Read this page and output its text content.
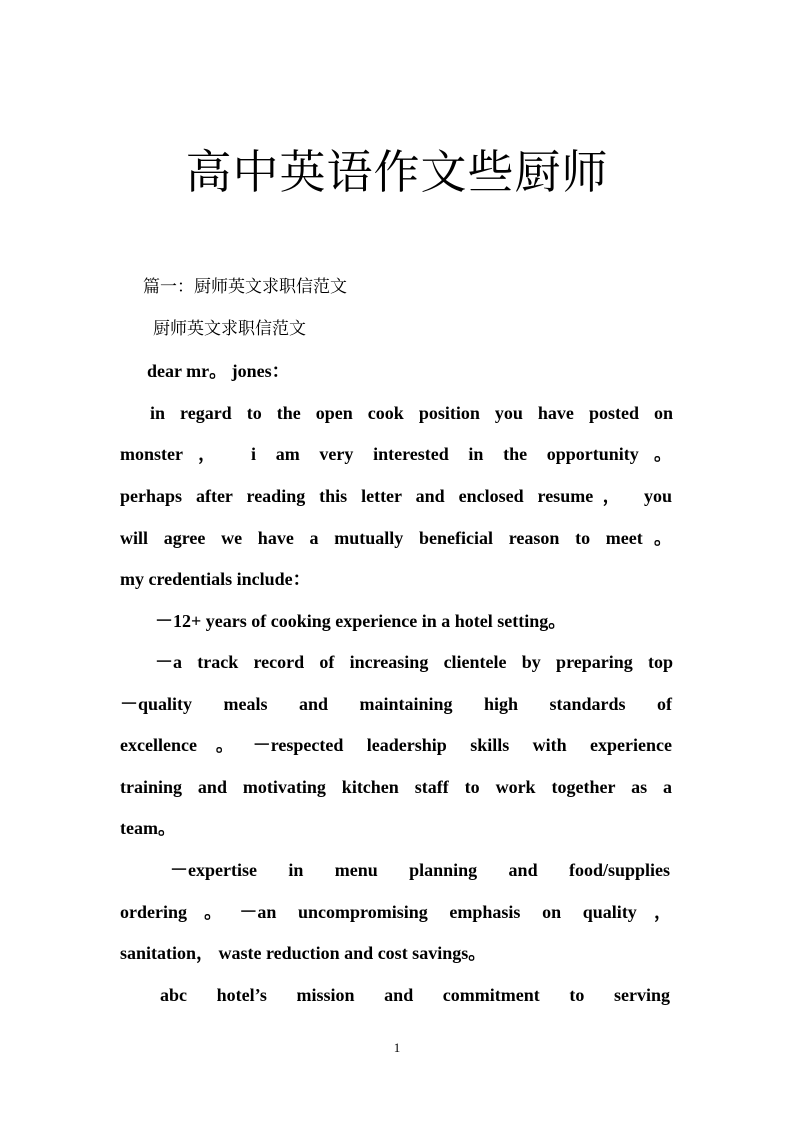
高中英语作文些厨师
篇一：厨师英文求职信范文
厨师英文求职信范文
dear mr。 jones：
in regard to the open cook position you have posted on
monster， i am very interested in the opportunity。
perhaps after reading this letter and enclosed resume， you
will agree we have a mutually beneficial reason to meet。
my credentials include：
－12+ years of cooking experience in a hotel setting。
－a track record of increasing clientele by preparing top
－quality meals and maintaining high standards of
excellence。－respected leadership skills with experience
training and motivating kitchen staff to work together as a
team。
－expertise in menu planning and food/supplies
ordering。－an uncompromising emphasis on quality，
sanitation， waste reduction and cost savings。
abc hotel’s mission and commitment to serving
1
